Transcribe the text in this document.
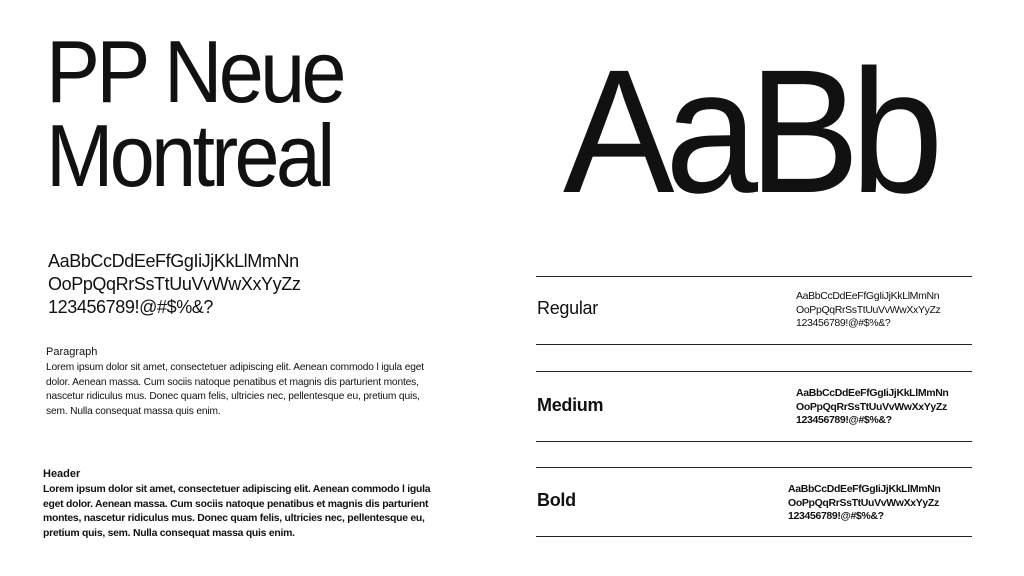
PP Neue
Montreal
AaBbCcDdEeFfGgIiJjKkLlMmNn
OoPpQqRrSsTtUuVvWwXxYyZz
123456789!@#$%&?
Paragraph
Lorem ipsum dolor sit amet, consectetuer adipiscing elit. Aenean commodo l igula eget dolor. Aenean massa. Cum sociis natoque penatibus et magnis dis parturient montes, nascetur ridiculus mus. Donec quam felis, ultricies nec, pellentesque eu, pretium quis, sem. Nulla consequat massa quis enim.
Header
Lorem ipsum dolor sit amet, consectetuer adipiscing elit. Aenean commodo l igula eget dolor. Aenean massa. Cum sociis natoque penatibus et magnis dis parturient montes, nascetur ridiculus mus. Donec quam felis, ultricies nec, pellentesque eu, pretium quis, sem. Nulla consequat massa quis enim.
AaBb
Regular
AaBbCcDdEeFfGgIiJjKkLlMmNn
OoPpQqRrSsTtUuVvWwXxYyZz
123456789!@#$%&?
Medium
AaBbCcDdEeFfGgIiJjKkLlMmNn
OoPpQqRrSsTtUuVvWwXxYyZz
123456789!@#$%&?
Bold
AaBbCcDdEeFfGgIiJjKkLlMmNn
OoPpQqRrSsTtUuVvWwXxYyZz
123456789!@#$%&?
